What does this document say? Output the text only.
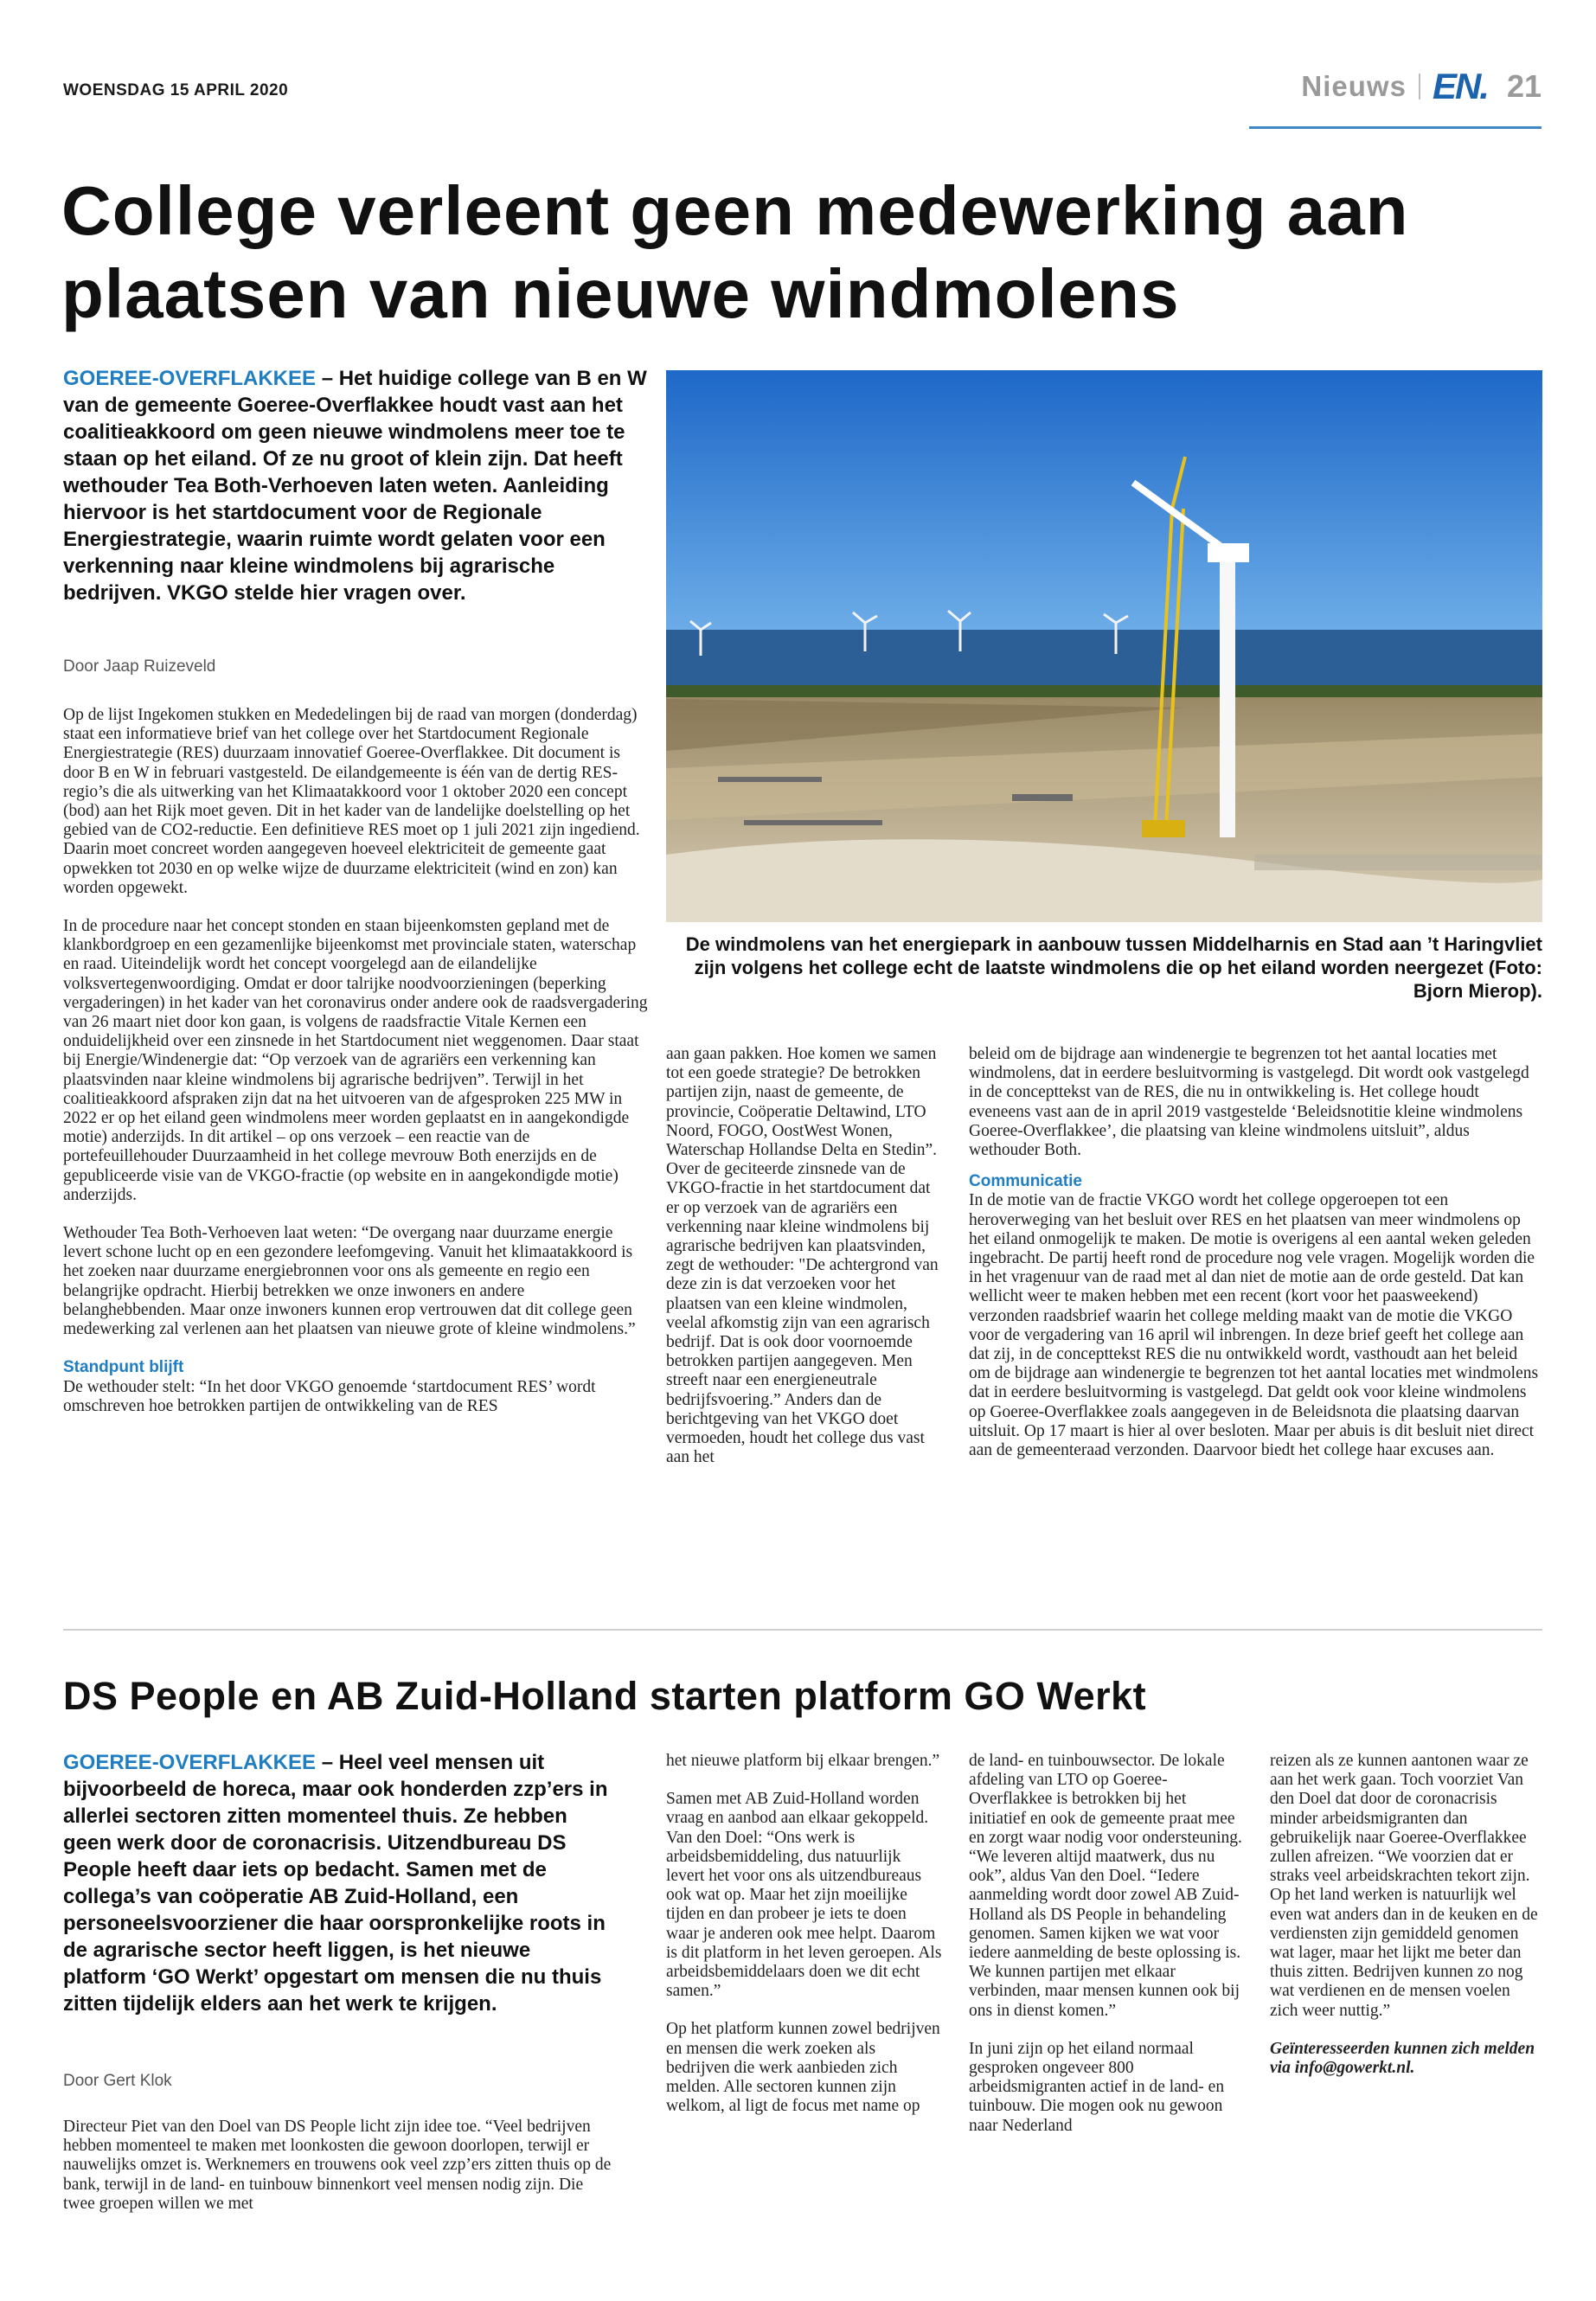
WOENSDAG 15 APRIL 2020	Nieuws EN. 21
College verleent geen medewerking aan plaatsen van nieuwe windmolens
GOEREE-OVERFLAKKEE – Het huidige college van B en W van de gemeente Goeree-Overflakkee houdt vast aan het coalitieakkoord om geen nieuwe windmolens meer toe te staan op het eiland. Of ze nu groot of klein zijn. Dat heeft wethouder Tea Both-Verhoeven laten weten. Aanleiding hiervoor is het startdocument voor de Regionale Energiestrategie, waarin ruimte wordt gelaten voor een verkenning naar kleine windmolens bij agrarische bedrijven. VKGO stelde hier vragen over.
Door Jaap Ruizeveld

Op de lijst Ingekomen stukken en Mededelingen bij de raad van morgen (donderdag) staat een informatieve brief van het college over het Startdocument Regionale Energiestrategie (RES) duurzaam innovatief Goeree-Overflakkee. Dit document is door B en W in februari vastgesteld. De eilandgemeente is één van de dertig RES-regio’s die als uitwerking van het Klimaatakkoord voor 1 oktober 2020 een concept (bod) aan het Rijk moet geven. Dit in het kader van de landelijke doelstelling op het gebied van de CO2-reductie. Een definitieve RES moet op 1 juli 2021 zijn ingediend. Daarin moet concreet worden aangegeven hoeveel elektriciteit de gemeente gaat opwekken tot 2030 en op welke wijze de duurzame elektriciteit (wind en zon) kan worden opgewekt.

In de procedure naar het concept stonden en staan bijeenkomsten gepland met de klankbordgroep en een gezamenlijke bijeenkomst met provinciale staten, waterschap en raad. Uiteindelijk wordt het concept voorgelegd aan de eilandelijke volksvertegenwoordiging. Omdat er door talrijke noodvoorzieningen (beperking vergaderingen) in het kader van het coronavirus onder andere ook de raadsvergadering van 26 maart niet door kon gaan, is volgens de raadsfractie Vitale Kernen een onduidelijkheid over een zinsnede in het Startdocument niet weggenomen. Daar staat bij Energie/Windenergie dat: “Op verzoek van de agrariërs een verkenning kan plaatsvinden naar kleine windmolens bij agrarische bedrijven”. Terwijl in het coalitieakkoord afspraken zijn dat na het uitvoeren van de afgesproken 225 MW in 2022 er op het eiland geen windmolens meer worden geplaatst en in aangekondigde motie) anderzijds. In dit artikel – op ons verzoek – een reactie van de portefeuillehouder Duurzaamheid in het college mevrouw Both enerzijds en de gepubliceerde visie van de VKGO-fractie (op website en in aangekondigde motie) anderzijds.

Wethouder Tea Both-Verhoeven laat weten: “De overgang naar duurzame energie levert schone lucht op en een gezondere leefomgeving. Vanuit het klimaatakkoord is het zoeken naar duurzame energiebronnen voor ons als gemeente en regio een belangrijke opdracht. Hierbij betrekken we onze inwoners en andere belanghebbenden. Maar onze inwoners kunnen erop vertrouwen dat dit college geen medewerking zal verlenen aan het plaatsen van nieuwe grote of kleine windmolens.”

Standpunt blijft

De wethouder stelt: “In het door VKGO genoemde ‘startdocument RES’ wordt omschreven hoe betrokken partijen de ontwikkeling van de RES

De windmolens van het energiepark in aanbouw tussen Middelharnis en Stad aan ’t Haringvliet zijn volgens het college echt de laatste windmolens die op het eiland worden neergezet (Foto: Bjorn Mierop).

aan gaan pakken. Hoe komen we samen tot een goede strategie? De betrokken partijen zijn, naast de gemeente, de provincie, Coöperatie Deltawind, LTO Noord, FOGO, OostWest Wonen, Waterschap Hollandse Delta en Stedin”. Over de geciteerde zinsnede van de VKGO-fractie in het startdocument dat er op verzoek van de agrariërs een verkenning naar kleine windmolens bij agrarische bedrijven kan plaatsvinden, zegt de wethouder: "De achtergrond van deze zin is dat verzoeken voor het plaatsen van een kleine windmolen, veelal afkomstig zijn van een agrarisch bedrijf. Dat is ook door voornoemde betrokken partijen aangegeven. Men streeft naar een energieneutrale bedrijfsvoering.” Anders dan de berichtgeving van het VKGO doet vermoeden, houdt het college dus vast aan het

beleid om de bijdrage aan windenergie te begrenzen tot het aantal locaties met windmolens, dat in eerdere besluitvorming is vastgelegd. Dit wordt ook vastgelegd in de concepttekst van de RES, die nu in ontwikkeling is. Het college houdt eveneens vast aan de in april 2019 vastgestelde ‘Beleidsnotitie kleine windmolens Goeree-Overflakkee’, die plaatsing van kleine windmolens uitsluit”, aldus wethouder Both.

Communicatie

In de motie van de fractie VKGO wordt het college opgeroepen tot een heroverweging van het besluit over RES en het plaatsen van meer windmolens op het eiland onmogelijk te maken. De motie is overigens al een aantal weken geleden ingebracht. De partij heeft rond de procedure nog vele vragen. Mogelijk worden die in het vragenuur van de raad met al dan niet de motie aan de orde gesteld. Dat kan wellicht weer te maken hebben met een recent (kort voor het paasweekend) verzonden raadsbrief waarin het college melding maakt van de motie die VKGO voor de vergadering van 16 april wil inbrengen. In deze brief geeft het college aan dat zij, in de concepttekst RES die nu ontwikkeld wordt, vasthoudt aan het beleid om de bijdrage aan windenergie te begrenzen tot het aantal locaties met windmolens dat in eerdere besluitvorming is vastgelegd. Dat geldt ook voor kleine windmolens op Goeree-Overflakkee zoals aangegeven in de Beleidsnota die plaatsing daarvan uitsluit. Op 17 maart is hier al over besloten. Maar per abuis is dit besluit niet direct aan de gemeenteraad verzonden. Daarvoor biedt het college haar excuses aan.

DS People en AB Zuid-Holland starten platform GO Werkt
GOEREE-OVERFLAKKEE – Heel veel mensen uit bijvoorbeeld de horeca, maar ook honderden zzp’ers in allerlei sectoren zitten momenteel thuis. Ze hebben geen werk door de coronacrisis. Uitzendbureau DS People heeft daar iets op bedacht. Samen met de collega’s van coöperatie AB Zuid-Holland, een personeelsvoorziener die haar oorspronkelijke roots in de agrarische sector heeft liggen, is het nieuwe platform ‘GO Werkt’ opgestart om mensen die nu thuis zitten tijdelijk elders aan het werk te krijgen.
Door Gert Klok

Directeur Piet van den Doel van DS People licht zijn idee toe. “Veel bedrijven hebben momenteel te maken met loonkosten die gewoon doorlopen, terwijl er nauwelijks omzet is. Werknemers en trouwens ook veel zzp’ers zitten thuis op de bank, terwijl in de land- en tuinbouw binnenkort veel mensen nodig zijn. Die twee groepen willen we met

het nieuwe platform bij elkaar brengen.”

Samen met AB Zuid-Holland worden vraag en aanbod aan elkaar gekoppeld. Van den Doel: “Ons werk is arbeidsbemiddeling, dus natuurlijk levert het voor ons als uitzendbureaus ook wat op. Maar het zijn moeilijke tijden en dan probeer je iets te doen waar je anderen ook mee helpt. Daarom is dit platform in het leven geroepen. Als arbeidsbemiddelaars doen we dit echt samen.”

Op het platform kunnen zowel bedrijven en mensen die werk zoeken als bedrijven die werk aanbieden zich melden. Alle sectoren kunnen zijn welkom, al ligt de focus met name op

de land- en tuinbouwsector. De lokale afdeling van LTO op Goeree-Overflakkee is betrokken bij het initiatief en ook de gemeente praat mee en zorgt waar nodig voor ondersteuning. “We leveren altijd maatwerk, dus nu ook”, aldus Van den Doel. “Iedere aanmelding wordt door zowel AB Zuid-Holland als DS People in behandeling genomen. Samen kijken we wat voor iedere aanmelding de beste oplossing is. We kunnen partijen met elkaar verbinden, maar mensen kunnen ook bij ons in dienst komen.”

In juni zijn op het eiland normaal gesproken ongeveer 800 arbeidsmigranten actief in de land- en tuinbouw. Die mogen ook nu gewoon naar Nederland

reizen als ze kunnen aantonen waar ze aan het werk gaan. Toch voorziet Van den Doel dat door de coronacrisis minder arbeidsmigranten dan gebruikelijk naar Goeree-Overflakkee zullen afreizen. “We voorzien dat er straks veel arbeidskrachten tekort zijn. Op het land werken is natuurlijk wel even wat anders dan in de keuken en de verdiensten zijn gemiddeld genomen wat lager, maar het lijkt me beter dan thuis zitten. Bedrijven kunnen zo nog wat verdienen en de mensen voelen zich weer nuttig.”

Geïnteresseerden kunnen zich melden via info@gowerkt.nl.
